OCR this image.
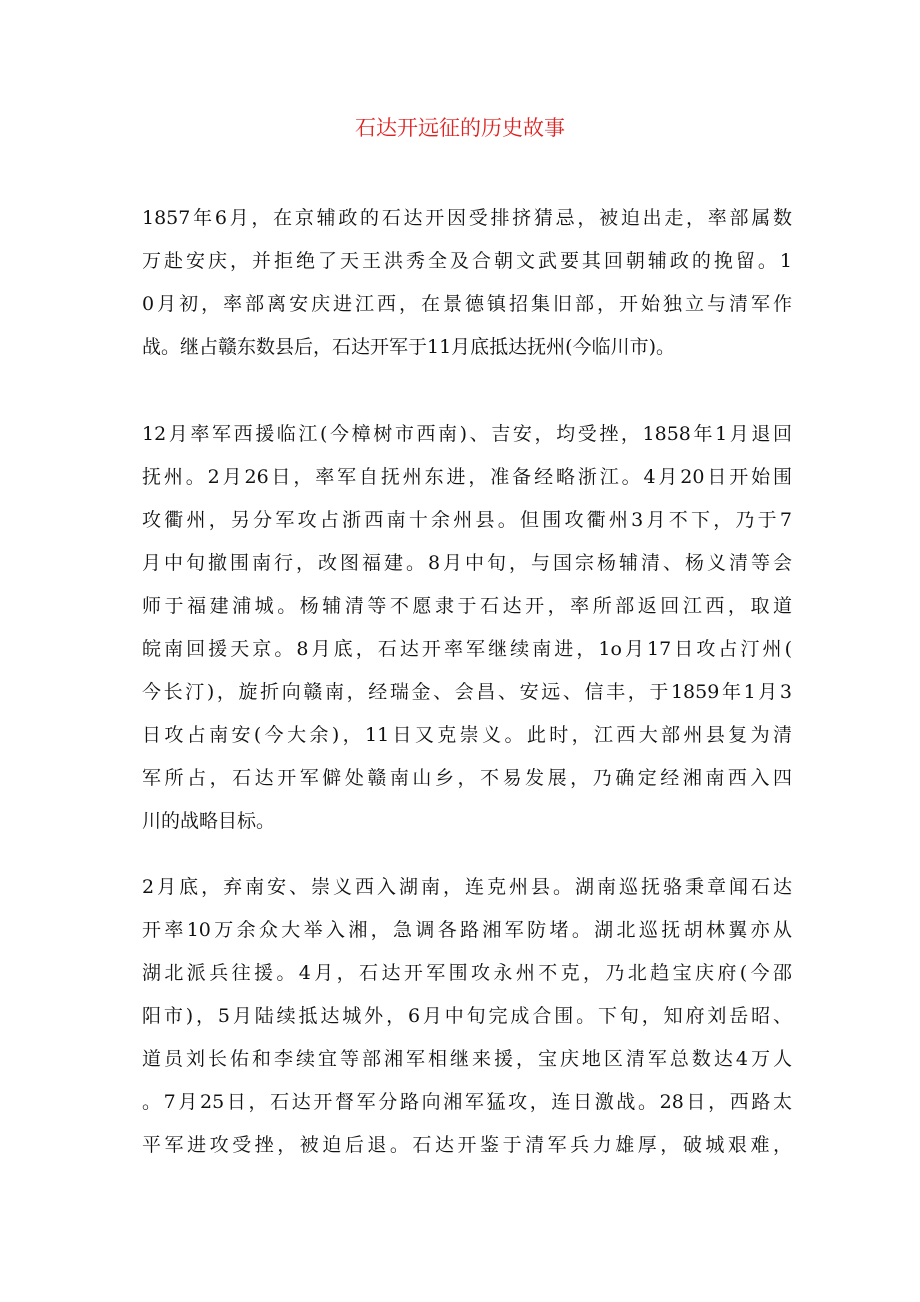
石达开远征的历史故事
1857年6月，在京辅政的石达开因受排挤猜忌，被迫出走，率部属数
万赴安庆，并拒绝了天王洪秀全及合朝文武要其回朝辅政的挽留。1
0月初，率部离安庆进江西，在景德镇招集旧部，开始独立与清军作
战。继占赣东数县后，石达开军于11月底抵达抚州(今临川市)。
12月率军西援临江(今樟树市西南)、吉安，均受挫，1858年1月退回
抚州。2月26日，率军自抚州东进，准备经略浙江。4月20日开始围
攻衢州，另分军攻占浙西南十余州县。但围攻衢州3月不下，乃于7
月中旬撤围南行，改图福建。8月中旬，与国宗杨辅清、杨义清等会
师于福建浦城。杨辅清等不愿隶于石达开，率所部返回江西，取道
皖南回援天京。8月底，石达开率军继续南进，1o月17日攻占汀州(
今长汀)，旋折向赣南，经瑞金、会昌、安远、信丰，于1859年1月3
日攻占南安(今大余)，11日又克崇义。此时，江西大部州县复为清
军所占，石达开军僻处赣南山乡，不易发展，乃确定经湘南西入四
川的战略目标。
2月底，弃南安、崇义西入湖南，连克州县。湖南巡抚骆秉章闻石达
开率10万余众大举入湘，急调各路湘军防堵。湖北巡抚胡林翼亦从
湖北派兵往援。4月，石达开军围攻永州不克，乃北趋宝庆府(今邵
阳市)，5月陆续抵达城外，6月中旬完成合围。下旬，知府刘岳昭、
道员刘长佑和李续宜等部湘军相继来援，宝庆地区清军总数达4万人
。7月25日，石达开督军分路向湘军猛攻，连日激战。28日，西路太
平军进攻受挫，被迫后退。石达开鉴于清军兵力雄厚，破城艰难，
